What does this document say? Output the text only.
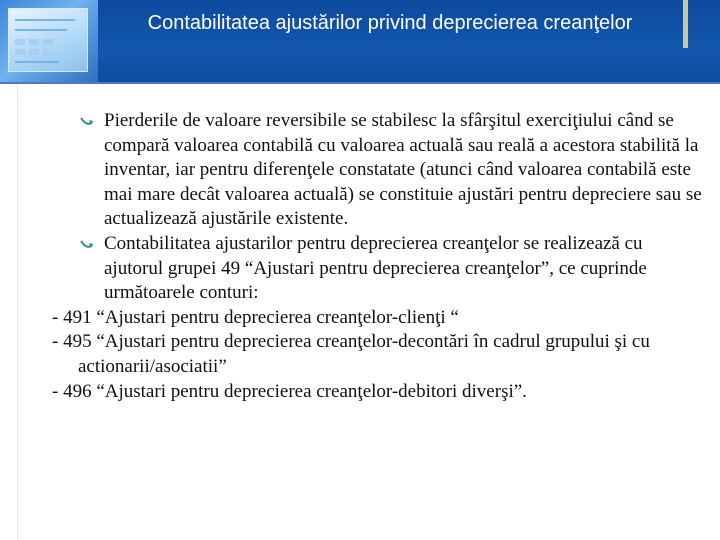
Contabilitatea ajustărilor privind deprecierea creanţelor
Pierderile de valoare reversibile se stabilesc la sfârşitul exerciţiului când se compară valoarea contabilă cu valoarea actuală sau reală a acestora stabilită la inventar, iar pentru diferenţele constatate (atunci când valoarea contabilă este mai mare decât valoarea actuală) se constituie ajustări pentru depreciere sau se actualizează ajustările existente.
Contabilitatea ajustarilor pentru deprecierea creanţelor se realizează cu ajutorul grupei 49 “Ajustari pentru deprecierea creanţelor”, ce cuprinde următoarele conturi:
- 491 “Ajustari pentru deprecierea creanţelor-clienţi “
- 495 “Ajustari pentru deprecierea creanţelor-decontări în cadrul grupului şi cu actionarii/asociatii”
- 496 “Ajustari pentru deprecierea creanţelor-debitori diverşi”.
